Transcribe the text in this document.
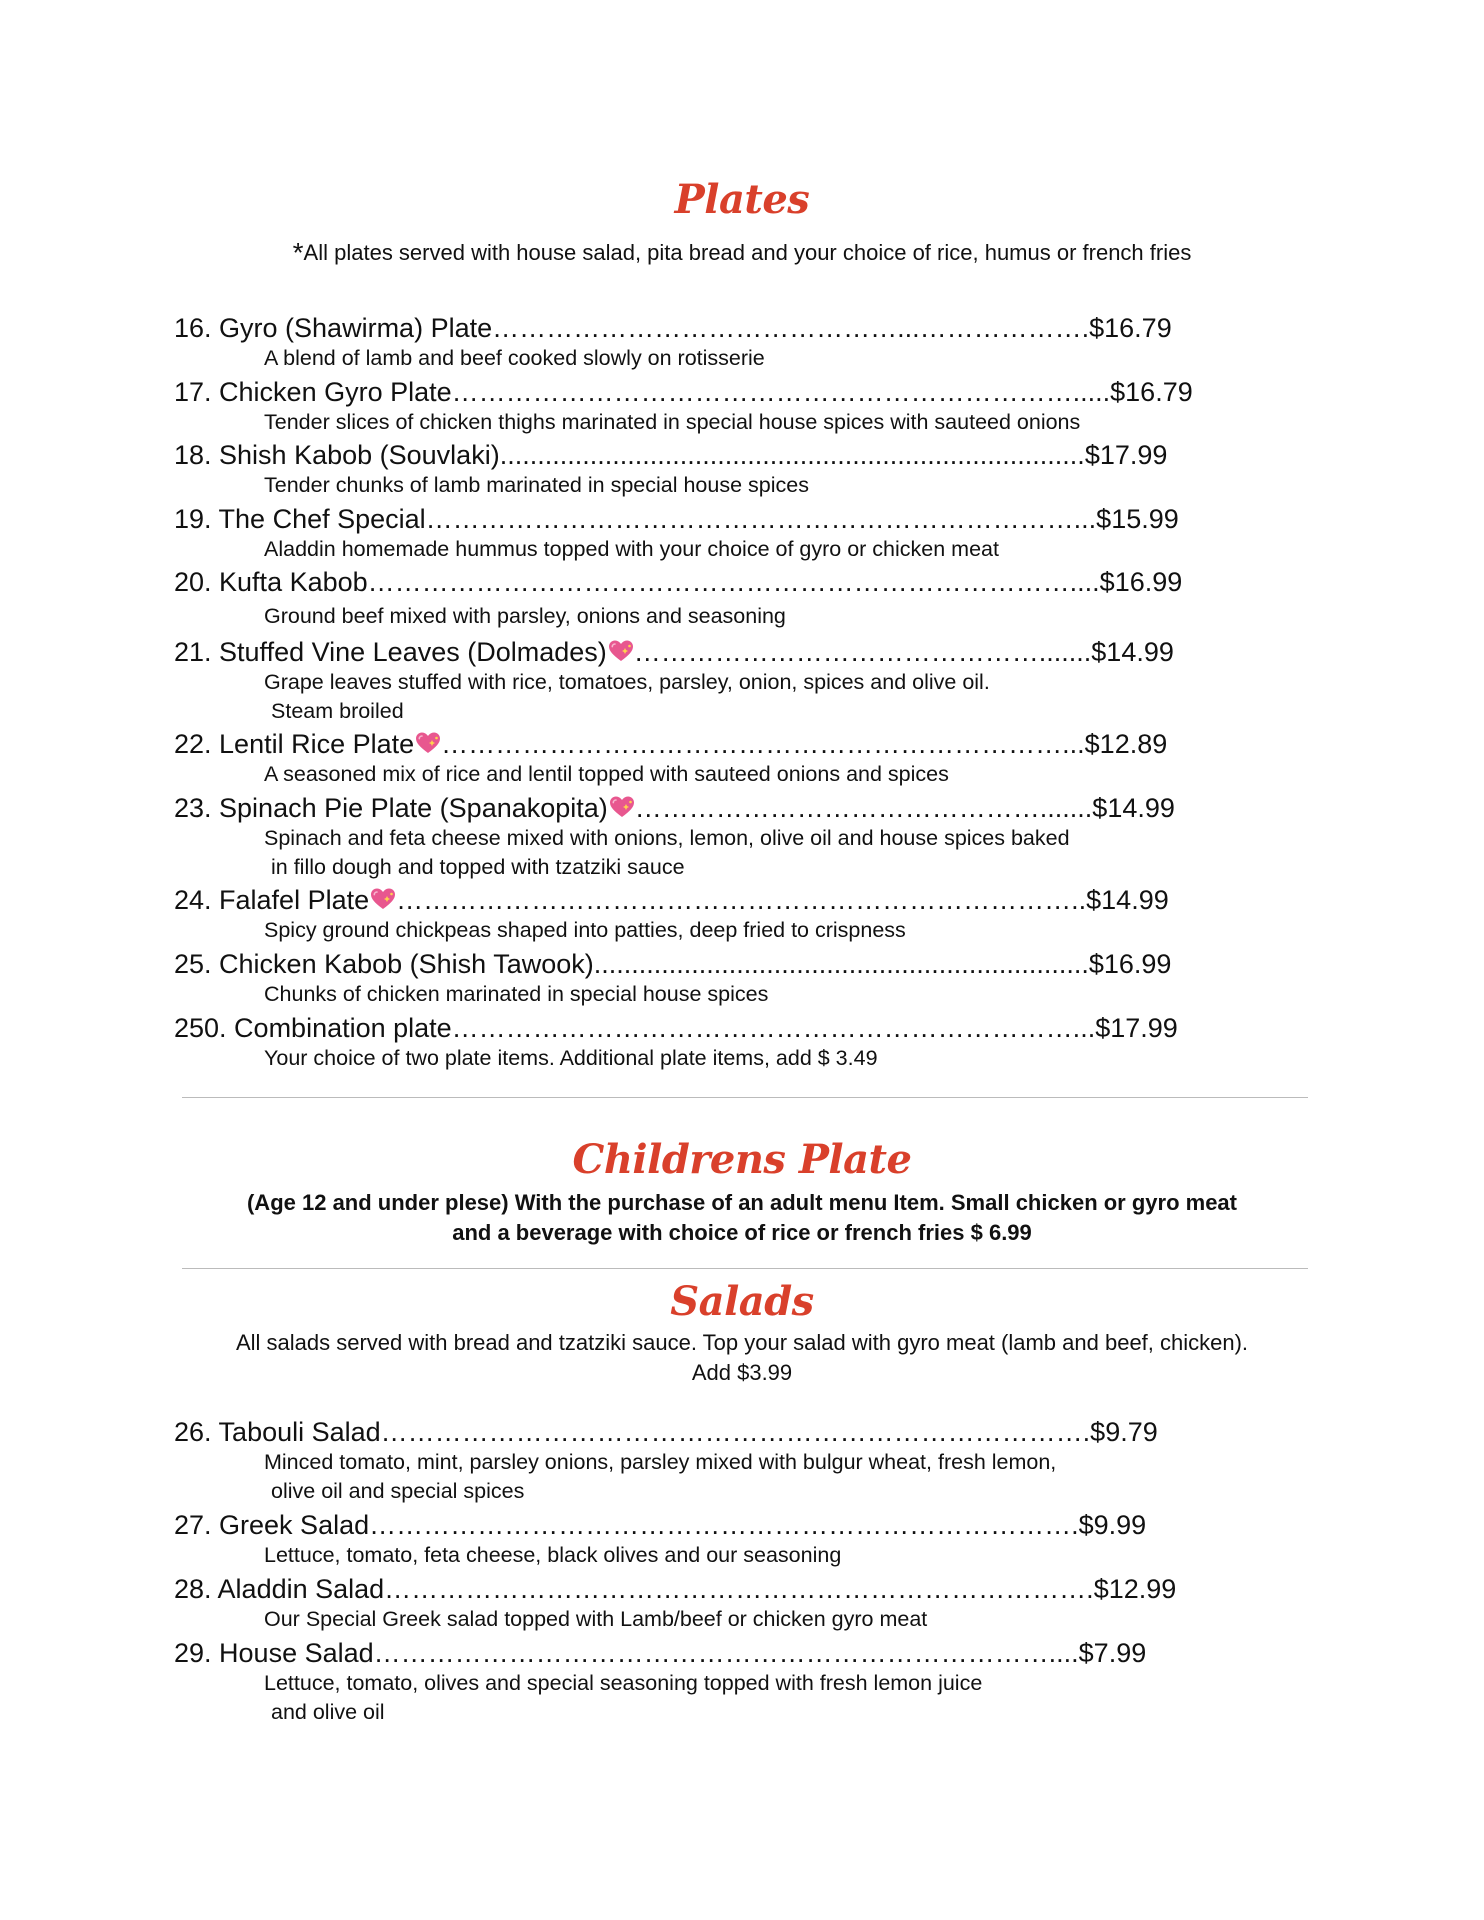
Plates
*All plates served with house salad, pita bread and your choice of rice, humus or french fries
16. Gyro (Shawirma) Plate………………………………………...……………….$16.79
A blend of lamb and beef cooked slowly on rotisserie
17. Chicken Gyro Plate…………………………………………………………….....$16.79
Tender slices of chicken thighs marinated in special house spices with sauteed onions
18. Shish Kabob (Souvlaki)..............................................................................$17.99
Tender chunks of lamb marinated in special house spices
19. The Chef Special………………………………………………………………...$15.99
Aladdin homemade hummus topped with your choice of gyro or chicken meat
20. Kufta Kabob……………………………………………………………………....$16.99
Ground beef mixed with parsley, onions and seasoning
21. Stuffed Vine Leaves (Dolmades) ……………………………………….......$14.99
Grape leaves stuffed with rice, tomatoes, parsley, onion, spices and olive oil.
Steam broiled
22. Lentil Rice Plate ……………………………………………………………...$12.89
A seasoned mix of rice and lentil topped with sauteed onions and spices
23. Spinach Pie Plate (Spanakopita) ……………………………………….......$14.99
Spinach and feta cheese mixed with onions, lemon, olive oil and house spices baked
in fillo dough and topped with tzatziki sauce
24. Falafel Plate …………………………………………………………………..$14.99
Spicy ground chickpeas shaped into patties, deep fried to crispness
25. Chicken Kabob (Shish Tawook)..................................................................$16.99
Chunks of chicken marinated in special house spices
250. Combination plate……………………………………………………………...$17.99
Your choice of two plate items. Additional plate items, add $ 3.49
Childrens Plate
(Age 12 and under plese) With the purchase of an adult menu Item. Small chicken or gyro meat
and a beverage with choice of rice or french fries $ 6.99
Salads
All salads served with bread and tzatziki sauce. Top your salad with gyro meat (lamb and beef, chicken).
Add $3.99
26. Tabouli Salad…………………………………………………………………….$9.79
Minced tomato, mint, parsley onions, parsley mixed with bulgur wheat, fresh lemon,
olive oil and special spices
27. Greek Salad…………………………………………………………………….$9.99
Lettuce, tomato, feta cheese, black olives and our seasoning
28. Aladdin Salad…………………………………………………………………….$12.99
Our Special Greek salad topped with Lamb/beef or chicken gyro meat
29. House Salad…………………………………………………………………....$7.99
Lettuce, tomato, olives and special seasoning topped with fresh lemon juice
and olive oil
